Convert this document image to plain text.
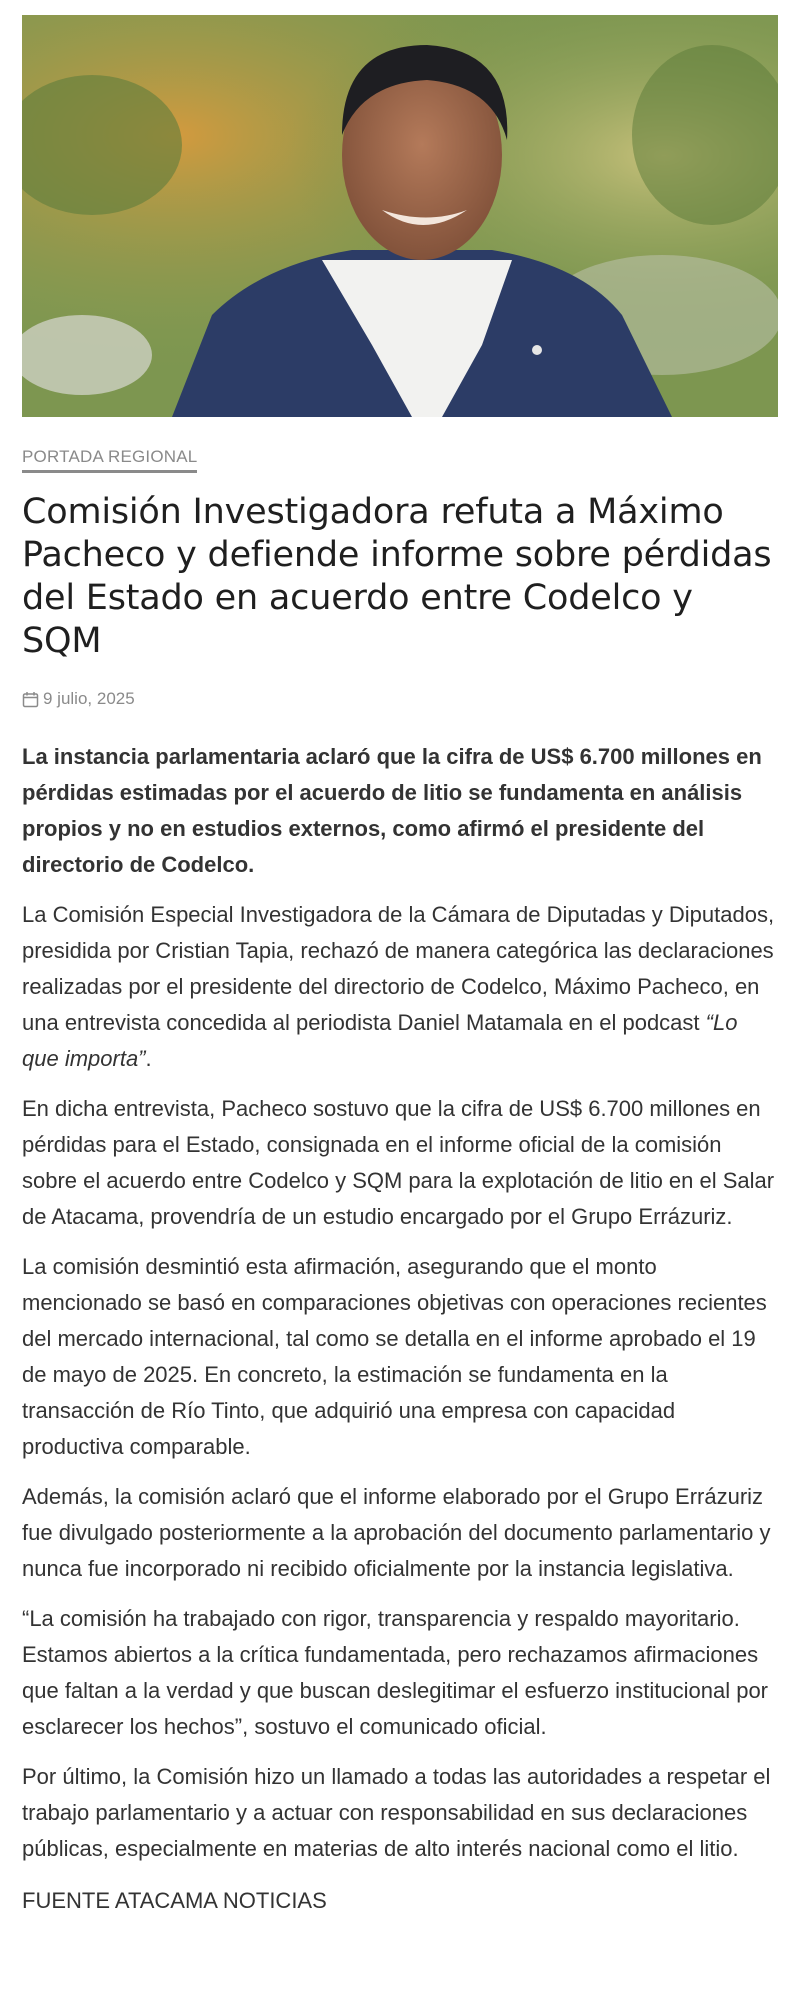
PORTADA REGIONAL
Comisión Investigadora refuta a Máximo Pacheco y defiende informe sobre pérdidas del Estado en acuerdo entre Codelco y SQM
9 julio, 2025

La instancia parlamentaria aclaró que la cifra de US$ 6.700 millones en pérdidas estimadas por el acuerdo de litio se fundamenta en análisis propios y no en estudios externos, como afirmó el presidente del directorio de Codelco.

La Comisión Especial Investigadora de la Cámara de Diputadas y Diputados, presidida por Cristian Tapia, rechazó de manera categórica las declaraciones realizadas por el presidente del directorio de Codelco, Máximo Pacheco, en una entrevista concedida al periodista Daniel Matamala en el podcast “Lo que importa”.

En dicha entrevista, Pacheco sostuvo que la cifra de US$ 6.700 millones en pérdidas para el Estado, consignada en el informe oficial de la comisión sobre el acuerdo entre Codelco y SQM para la explotación de litio en el Salar de Atacama, provendría de un estudio encargado por el Grupo Errázuriz.

La comisión desmintió esta afirmación, asegurando que el monto mencionado se basó en comparaciones objetivas con operaciones recientes del mercado internacional, tal como se detalla en el informe aprobado el 19 de mayo de 2025. En concreto, la estimación se fundamenta en la transacción de Río Tinto, que adquirió una empresa con capacidad productiva comparable.

Además, la comisión aclaró que el informe elaborado por el Grupo Errázuriz fue divulgado posteriormente a la aprobación del documento parlamentario y nunca fue incorporado ni recibido oficialmente por la instancia legislativa.

“La comisión ha trabajado con rigor, transparencia y respaldo mayoritario. Estamos abiertos a la crítica fundamentada, pero rechazamos afirmaciones que faltan a la verdad y que buscan deslegitimar el esfuerzo institucional por esclarecer los hechos”, sostuvo el comunicado oficial.

Por último, la Comisión hizo un llamado a todas las autoridades a respetar el trabajo parlamentario y a actuar con responsabilidad en sus declaraciones públicas, especialmente en materias de alto interés nacional como el litio.

FUENTE ATACAMA NOTICIAS
